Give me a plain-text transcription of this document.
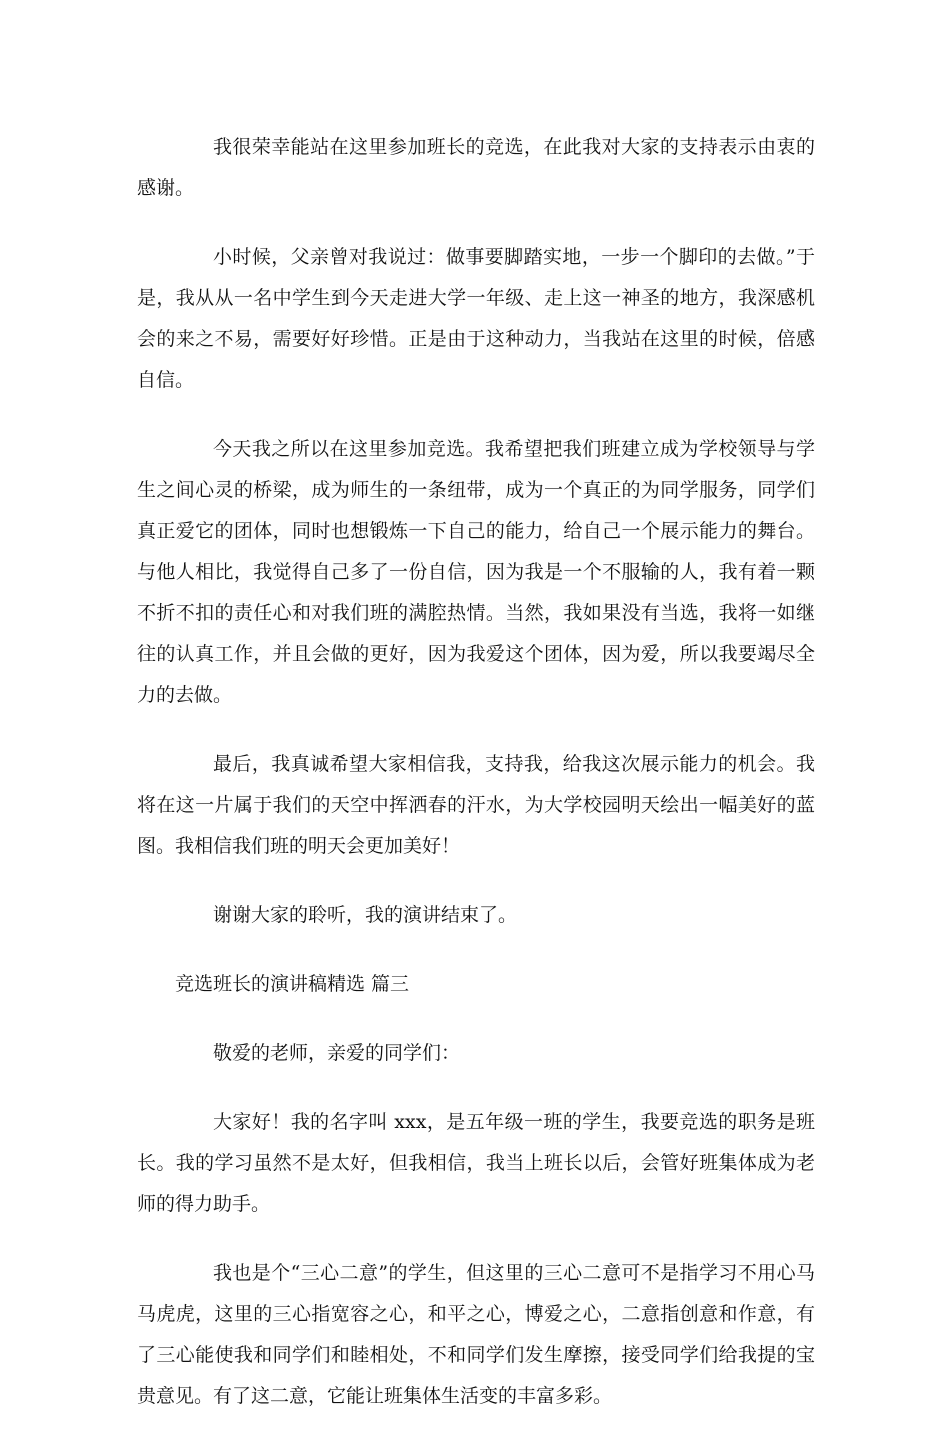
我很荣幸能站在这里参加班长的竞选，在此我对大家的支持表示由衷的感谢。

小时候，父亲曾对我说过：做事要脚踏实地，一步一个脚印的去做。”于是，我从从一名中学生到今天走进大学一年级、走上这一神圣的地方，我深感机会的来之不易，需要好好珍惜。正是由于这种动力，当我站在这里的时候，倍感自信。

今天我之所以在这里参加竞选。我希望把我们班建立成为学校领导与学生之间心灵的桥梁，成为师生的一条纽带，成为一个真正的为同学服务，同学们真正爱它的团体，同时也想锻炼一下自己的能力，给自己一个展示能力的舞台。与他人相比，我觉得自己多了一份自信，因为我是一个不服输的人，我有着一颗不折不扣的责任心和对我们班的满腔热情。当然，我如果没有当选，我将一如继往的认真工作，并且会做的更好，因为我爱这个团体，因为爱，所以我要竭尽全力的去做。

最后，我真诚希望大家相信我，支持我，给我这次展示能力的机会。我将在这一片属于我们的天空中挥洒春的汗水，为大学校园明天绘出一幅美好的蓝图。我相信我们班的明天会更加美好！

谢谢大家的聆听，我的演讲结束了。

竞选班长的演讲稿精选 篇三

敬爱的老师，亲爱的同学们：

大家好！我的名字叫 xxx，是五年级一班的学生，我要竞选的职务是班长。我的学习虽然不是太好，但我相信，我当上班长以后，会管好班集体成为老师的得力助手。

我也是个“三心二意”的学生，但这里的三心二意可不是指学习不用心马马虎虎，这里的三心指宽容之心，和平之心，博爱之心，二意指创意和作意，有了三心能使我和同学们和睦相处，不和同学们发生摩擦，接受同学们给我提的宝贵意见。有了这二意，它能让班集体生活变的丰富多彩。
